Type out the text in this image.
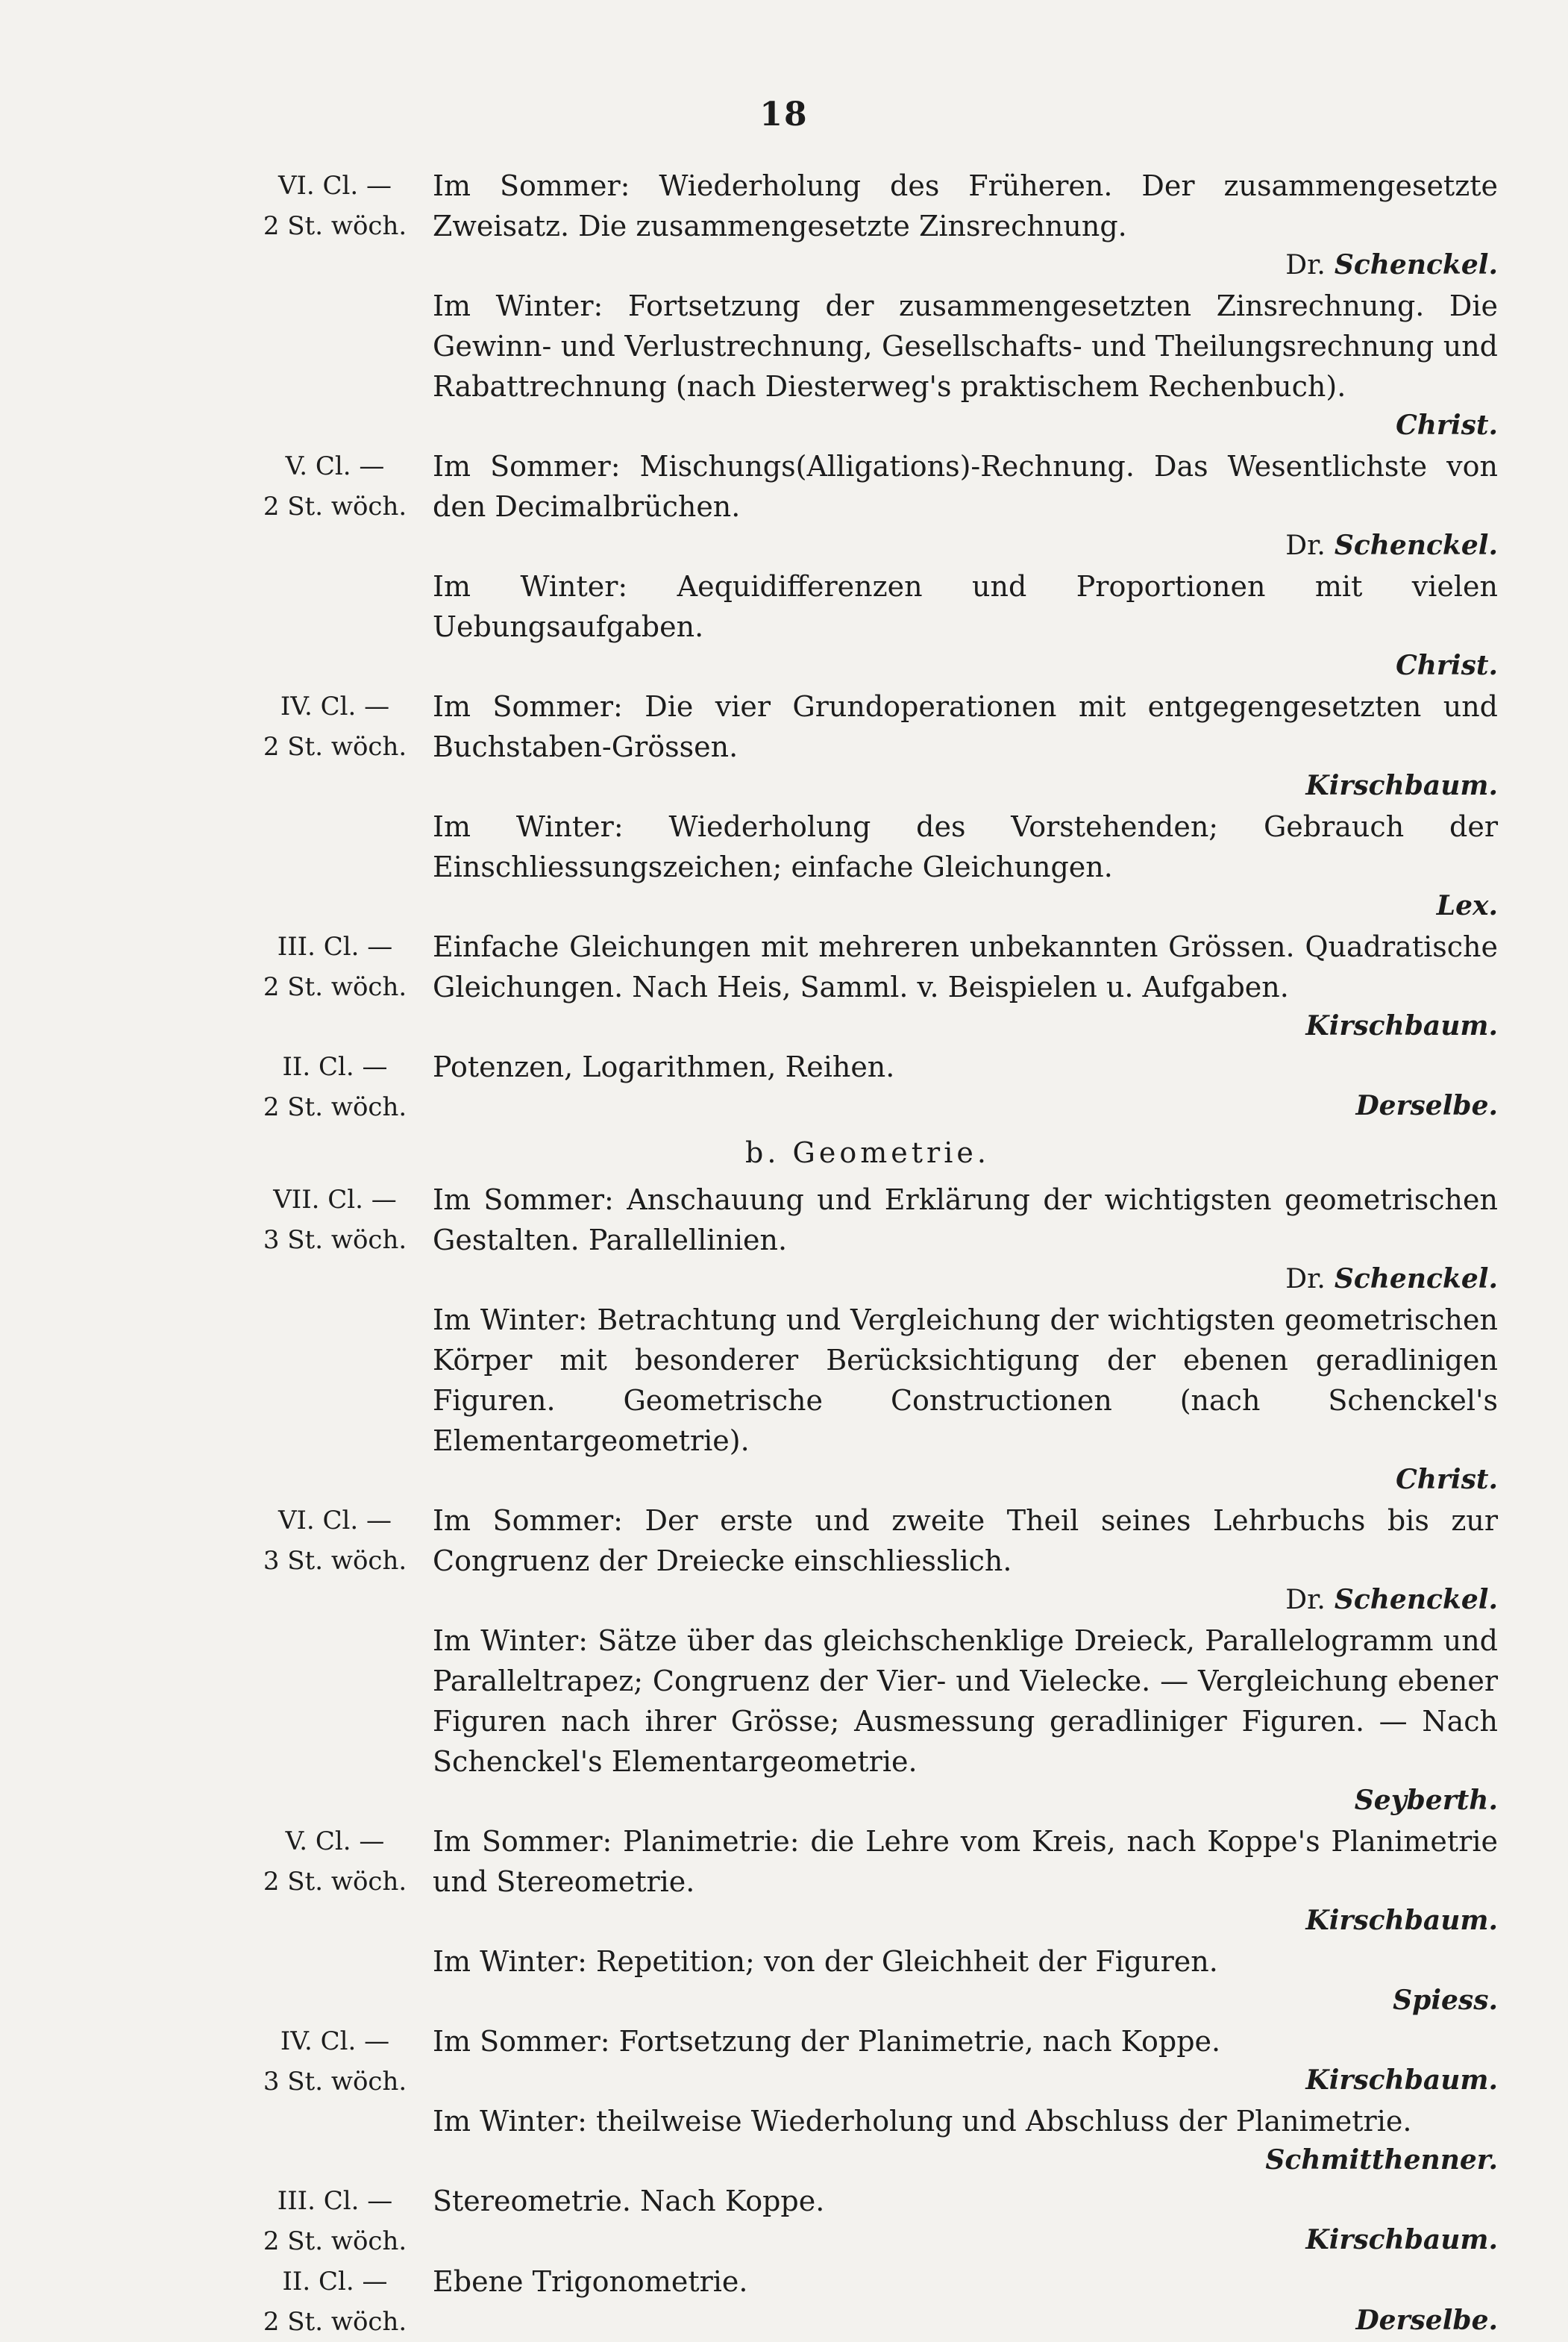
18
VI. Cl. —
2 St. wöch.
Im Sommer: Wiederholung des Früheren. Der zusammengesetzte Zweisatz. Die zusammengesetzte Zinsrechnung.
Dr. Schenckel.
Im Winter: Fortsetzung der zusammengesetzten Zinsrechnung. Die Gewinn- und Verlustrechnung, Gesellschafts- und Theilungsrechnung und Rabattrechnung (nach Diesterweg's praktischem Rechenbuch).
Christ.
V. Cl. —
2 St. wöch.
Im Sommer: Mischungs(Alligations)-Rechnung. Das Wesentlichste von den Decimalbrüchen.
Dr. Schenckel.
Im Winter: Aequidifferenzen und Proportionen mit vielen Uebungsaufgaben.
Christ.
IV. Cl. —
2 St. wöch.
Im Sommer: Die vier Grundoperationen mit entgegengesetzten und Buchstaben-Grössen.
Kirschbaum.
Im Winter: Wiederholung des Vorstehenden; Gebrauch der Einschliessungszeichen; einfache Gleichungen.
Lex.
III. Cl. —
2 St. wöch.
Einfache Gleichungen mit mehreren unbekannten Grössen. Quadratische Gleichungen. Nach Heis, Samml. v. Beispielen u. Aufgaben.
Kirschbaum.
II. Cl. —
2 St. wöch.
Potenzen, Logarithmen, Reihen.
Derselbe.
b. Geometrie.
VII. Cl. —
3 St. wöch.
Im Sommer: Anschauung und Erklärung der wichtigsten geometrischen Gestalten. Parallellinien.
Dr. Schenckel.
Im Winter: Betrachtung und Vergleichung der wichtigsten geometrischen Körper mit besonderer Berücksichtigung der ebenen geradlinigen Figuren. Geometrische Constructionen (nach Schenckel's Elementargeometrie).
Christ.
VI. Cl. —
3 St. wöch.
Im Sommer: Der erste und zweite Theil seines Lehrbuchs bis zur Congruenz der Dreiecke einschliesslich.
Dr. Schenckel.
Im Winter: Sätze über das gleichschenklige Dreieck, Parallelogramm und Paralleltrapez; Congruenz der Vier- und Vielecke. — Vergleichung ebener Figuren nach ihrer Grösse; Ausmessung geradliniger Figuren. — Nach Schenckel's Elementargeometrie.
Seyberth.
V. Cl. —
2 St. wöch.
Im Sommer: Planimetrie: die Lehre vom Kreis, nach Koppe's Planimetrie und Stereometrie.
Kirschbaum.
Im Winter: Repetition; von der Gleichheit der Figuren.
Spiess.
IV. Cl. —
3 St. wöch.
Im Sommer: Fortsetzung der Planimetrie, nach Koppe.
Kirschbaum.
Im Winter: theilweise Wiederholung und Abschluss der Planimetrie.
Schmitthenner.
III. Cl. —
2 St. wöch.
Stereometrie. Nach Koppe.
Kirschbaum.
II. Cl. —
2 St. wöch.
Ebene Trigonometrie.
Derselbe.
